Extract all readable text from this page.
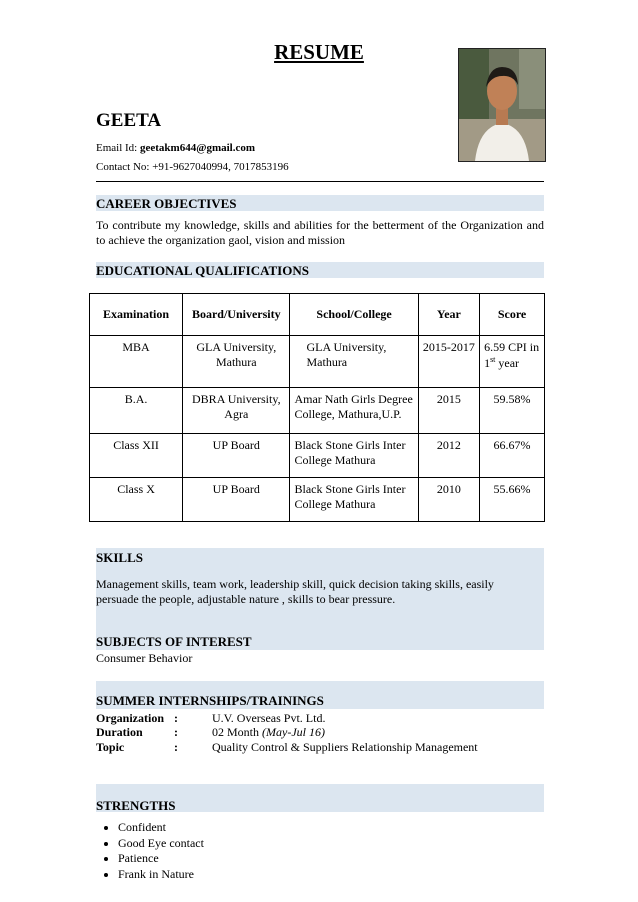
RESUME
GEETA
Email Id: geetakm644@gmail.com
Contact No: +91-9627040994, 7017853196
CAREER OBJECTIVES
To contribute my knowledge, skills and abilities for the betterment of the Organization and to achieve the organization gaol, vision and mission
EDUCATIONAL QUALIFICATIONS
Examination	Board/University	School/College	Year	Score
MBA	GLA University, Mathura	GLA University, Mathura	2015-2017	6.59 CPI in 1st year
B.A.	DBRA University, Agra	Amar Nath Girls Degree College, Mathura,U.P.	2015	59.58%
Class XII	UP Board	Black Stone Girls Inter College Mathura	2012	66.67%
Class X	UP Board	Black Stone Girls Inter College Mathura	2010	55.66%
SKILLS
Management skills, team work, leadership skill, quick decision taking skills, easily persuade the people, adjustable nature , skills to bear pressure.
SUBJECTS OF INTEREST
Consumer Behavior
SUMMER INTERNSHIPS/TRAININGS
Organization :	U.V. Overseas Pvt. Ltd.
Duration	:	02 Month (May-Jul 16)
Topic	:	Quality Control & Suppliers Relationship Management
STRENGTHS
• Confident
• Good Eye contact
• Patience
• Frank in Nature
